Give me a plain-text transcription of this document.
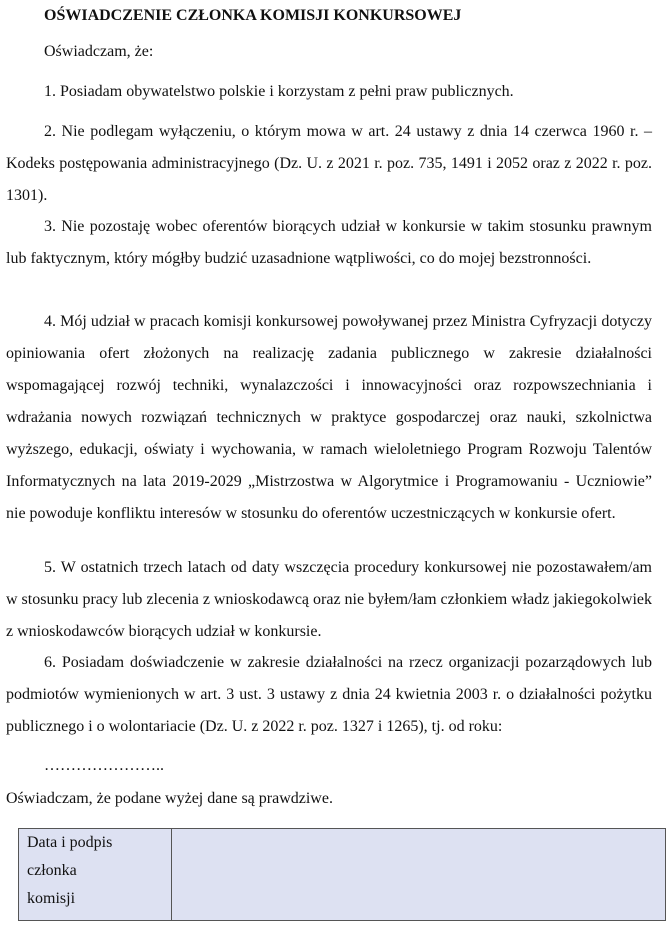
OŚWIADCZENIE CZŁONKA KOMISJI KONKURSOWEJ
Oświadczam, że:
1. Posiadam obywatelstwo polskie i korzystam z pełni praw publicznych.
2. Nie podlegam wyłączeniu, o którym mowa w art. 24 ustawy z dnia 14 czerwca 1960 r. – Kodeks postępowania administracyjnego (Dz. U. z 2021 r. poz. 735, 1491 i 2052 oraz z 2022 r. poz. 1301).
3. Nie pozostaję wobec oferentów biorących udział w konkursie w takim stosunku prawnym lub faktycznym, który mógłby budzić uzasadnione wątpliwości, co do mojej bezstronności.
4. Mój udział w pracach komisji konkursowej powoływanej przez Ministra Cyfryzacji dotyczy opiniowania ofert złożonych na realizację zadania publicznego w zakresie działalności wspomagającej rozwój techniki, wynalazczości i innowacyjności oraz rozpowszechniania i wdrażania nowych rozwiązań technicznych w praktyce gospodarczej oraz nauki, szkolnictwa wyższego, edukacji, oświaty i wychowania, w ramach wieloletniego Program Rozwoju Talentów Informatycznych na lata 2019-2029 „Mistrzostwa w Algorytmice i Programowaniu - Uczniowie” nie powoduje konfliktu interesów w stosunku do oferentów uczestniczących w konkursie ofert.
5. W ostatnich trzech latach od daty wszczęcia procedury konkursowej nie pozostawałem/am w stosunku pracy lub zlecenia z wnioskodawcą oraz nie byłem/łam członkiem władz jakiegokolwiek z wnioskodawców biorących udział w konkursie.
6. Posiadam doświadczenie w zakresie działalności na rzecz organizacji pozarządowych lub podmiotów wymienionych w art. 3 ust. 3 ustawy z dnia 24 kwietnia 2003 r. o działalności pożytku publicznego i o wolontariacie (Dz. U. z 2022 r. poz. 1327 i 1265), tj. od roku:
…………………..
Oświadczam, że podane wyżej dane są prawdziwe.
Data i podpis
członka
komisji
